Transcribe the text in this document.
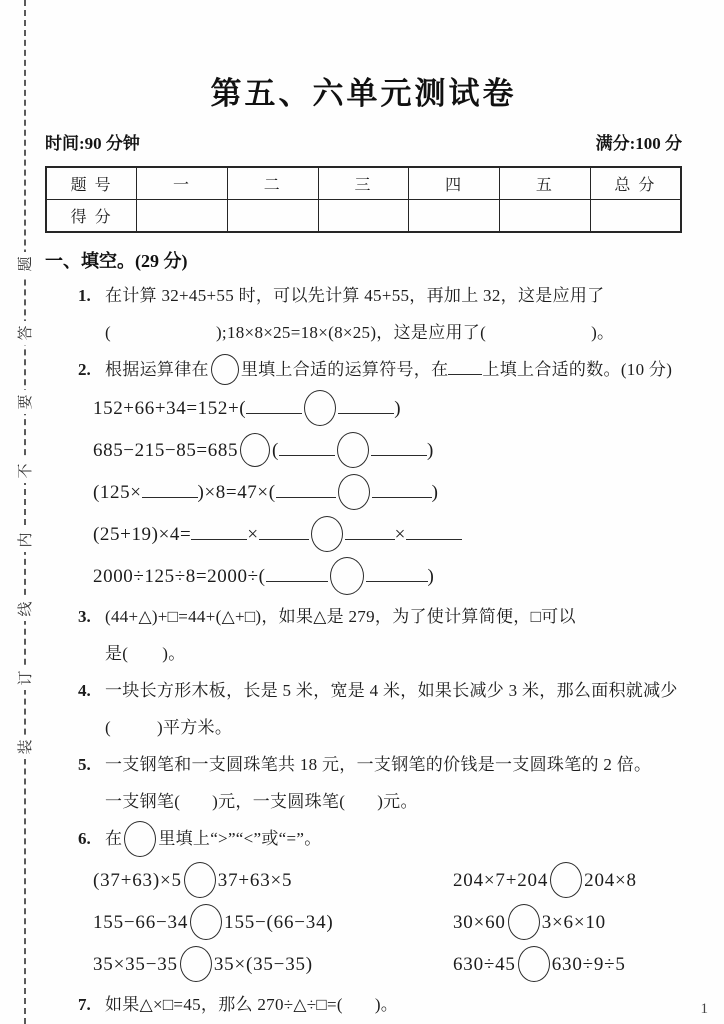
题
答
要
不
内
线
订
装
第五、六单元测试卷
时间:90 分钟	满分:100 分
题 号	一	二	三	四	五	总 分
得 分						
一、填空。(29 分)
1. 在计算 32+45+55 时，可以先计算 45+55，再加上 32，这是应用了
(	);18×8×25=18×(8×25)，这是应用了(	)。
2. 根据运算律在 里填上合适的运算符号，在 上填上合适的数。(10 分)
152+66+34=152+(	)
685−215−85=685 (	)
(125×	)×8=47×(	)
(25+19)×4=	×	×
2000÷125÷8=2000÷(	)
3. (44+△)+□=44+(△+□)，如果△是 279，为了使计算简便，□可以
是( )。
4. 一块长方形木板，长是 5 米，宽是 4 米，如果长减少 3 米，那么面积就减少
(	)平方米。
5. 一支钢笔和一支圆珠笔共 18 元，一支钢笔的价钱是一支圆珠笔的 2 倍。
一支钢笔( )元，一支圆珠笔( )元。
6. 在 里填上“>”“<”或“=”。
(37+63)×5 37+63×5	204×7+204 204×8
155−66−34 155−(66−34)	30×60 3×6×10
35×35−35 35×(35−35)	630÷45 630÷9÷5
7. 如果△×□=45，那么 270÷△÷□=( )。	1
